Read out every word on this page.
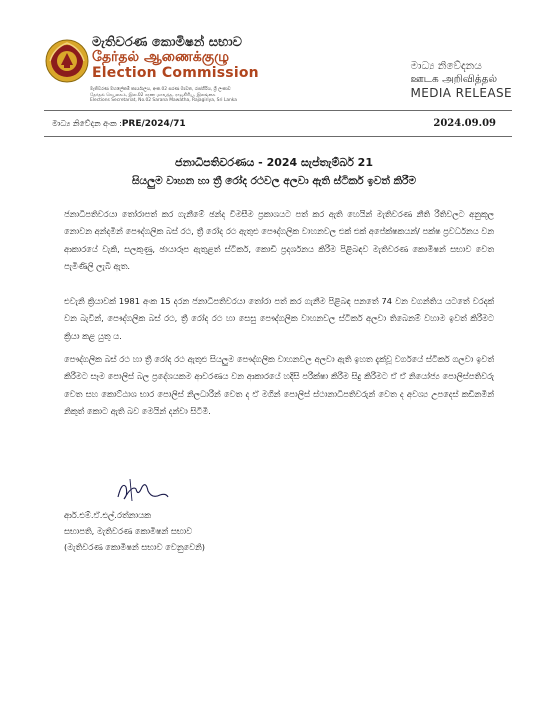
මැතිවරණ කොමිෂන් සභාව
தேர்தல் ஆணைக்குழு
Election Commission
මැතිවරණ මහලේකම් කාර්යාලය, අංක.02 සරණ මාවත, රාජගිරිය, ශ්‍රී ලංකාව
தேர்தல் செயலகம், இல.02 சரண மாவத்த, ராஜகிரிய, இலங்கை
Elections Secretariat, No.02 Sarana Mawatha, Rajagiriya, Sri Lanka
මාධ්‍ය නිවේදනය
ஊடக அறிவித்தல்
MEDIA RELEASE
මාධ්‍ය නිවේදන අංක :PRE/2024/71	2024.09.09
ජනාධිපතිවරණය - 2024 සැප්තැම්බර් 21
සියලුම වාහන හා ත්‍රී රෝද රථවල අලවා ඇති ස්ටිකර් ඉවත් කිරීම
ජනාධිපතිවරයා තෝරාපත් කර ගැනීමේ ඡන්ද විමසීම ප්‍රකාශයට පත් කර ඇති හෙයින් මැතිවරණ නීති රීතිවලට අනුකූල නොවන අන්දමින් පෞද්ගලික බස් රථ, ත්‍රී රෝද රථ ඇතුළු පෞද්ගලික වාහනවල එක් එක් අපේක්ෂකයන්/ පක්ෂ ප්‍රවර්ධනය වන ආකාරයේ වැකි, සලකුණු, ඡායාරූප ඇතුළත් ස්ටිකර්, කොඩි ප්‍රදර්ශනය කිරීම පිළිබඳව මැතිවරණ කොමිෂන් සභාව වෙත පැමිණිලි ලැබී ඇත.
එවැනි ක්‍රියාවක් 1981 අංක 15 දරන ජනාධිපතිවරයා තෝරා පත් කර ගැනීම පිළිබඳ පනතේ 74 වන වගන්තිය යටතේ වරදක් වන බැවින්, පෞද්ගලික බස් රථ, ත්‍රී රෝද රථ හා සෙසු පෞද්ගලික වාහනවල ස්ටිකර් අලවා තිබෙනම් වහාම ඉවත් කිරීමට ක්‍රියා කළ යුතු ය.
පෞද්ගලික බස් රථ හා ත්‍රී රෝද රථ ඇතුළු සියලුම පෞද්ගලික වාහනවල අලවා ඇති ඉහත දැක්වූ වර්ගයේ ස්ටිකර් ගලවා ඉවත් කිරීමට සෑම පොලිස් බල ප්‍රදේශයකම ආවරණය වන ආකාරයේ හදිසි පරීක්ෂා කිරීම සිදු කිරීමට ඒ ඒ නියෝජ්‍ය පොලිස්පතිවරු වෙත සහ කොට්ඨාශ භාර පොලිස් නිලධාරීන් වෙත ද ඒ මගින් පොලිස් ස්ථානාධිපතිවරුන් වෙත ද අවශ්‍ය උපදෙස් කඩිනමින් නිකුත් කොට ඇති බව මෙයින් දන්වා සිටිමි.
ආර්.එම්.ඒ.එල්.රත්නායක
සභාපති, මැතිවරණ කොමිෂන් සභාව
(මැතිවරණ කොමිෂන් සභාව වෙනුවෙනි)
